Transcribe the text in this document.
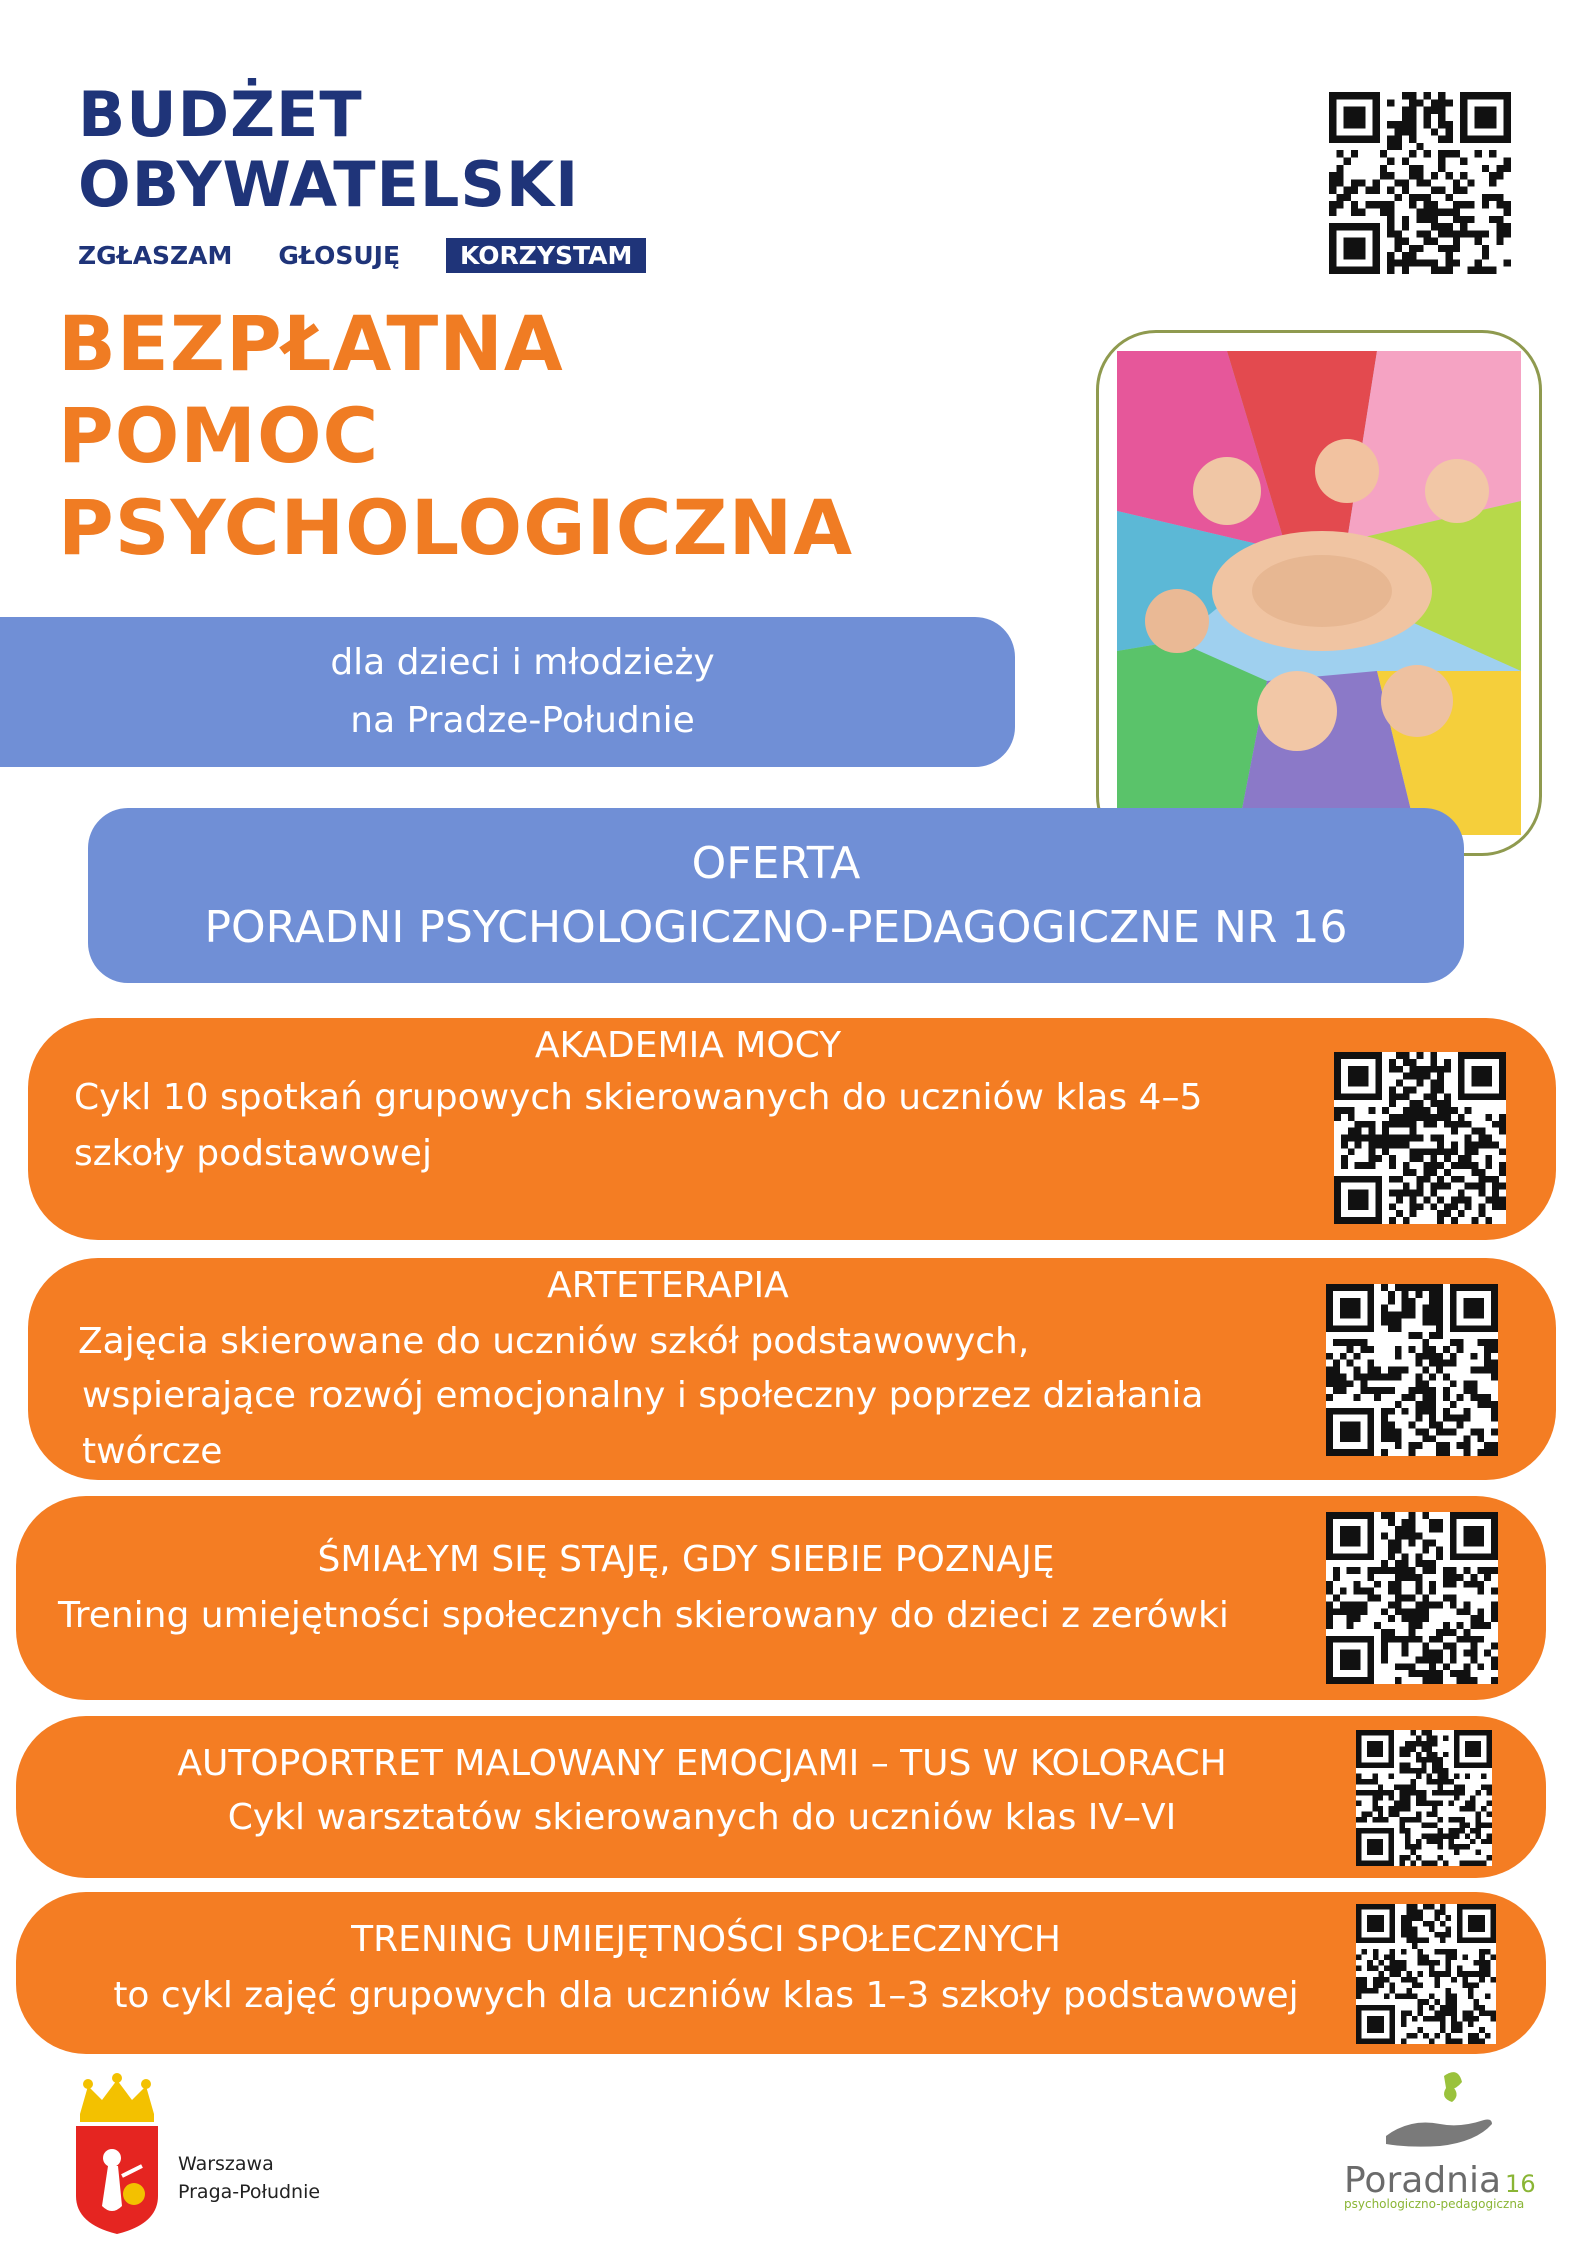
BUDŻET
OBYWATELSKI
ZGŁASZAM GŁOSUJĘ	KORZYSTAM
BEZPŁATNA
POMOC
PSYCHOLOGICZNA
dla dzieci i młodzieży
na Pradze-Południe
OFERTA
PORADNI PSYCHOLOGICZNO-PEDAGOGICZNE NR 16
AKADEMIA MOCY
Cykl 10 spotkań grupowych skierowanych do uczniów klas 4–5
szkoły podstawowej
ARTETERAPIA
Zajęcia skierowane do uczniów szkół podstawowych,
wspierające rozwój emocjonalny i społeczny poprzez działania
twórcze
ŚMIAŁYM SIĘ STAJĘ, GDY SIEBIE POZNAJĘ
Trening umiejętności społecznych skierowany do dzieci z zerówki
AUTOPORTRET MALOWANY EMOCJAMI – TUS W KOLORACH
Cykl warsztatów skierowanych do uczniów klas IV–VI
TRENING UMIEJĘTNOŚCI SPOŁECZNYCH
to cykl zajęć grupowych dla uczniów klas 1–3 szkoły podstawowej
Warszawa
Praga-Południe	Poradnia 16
psychologiczno-pedagogiczna
